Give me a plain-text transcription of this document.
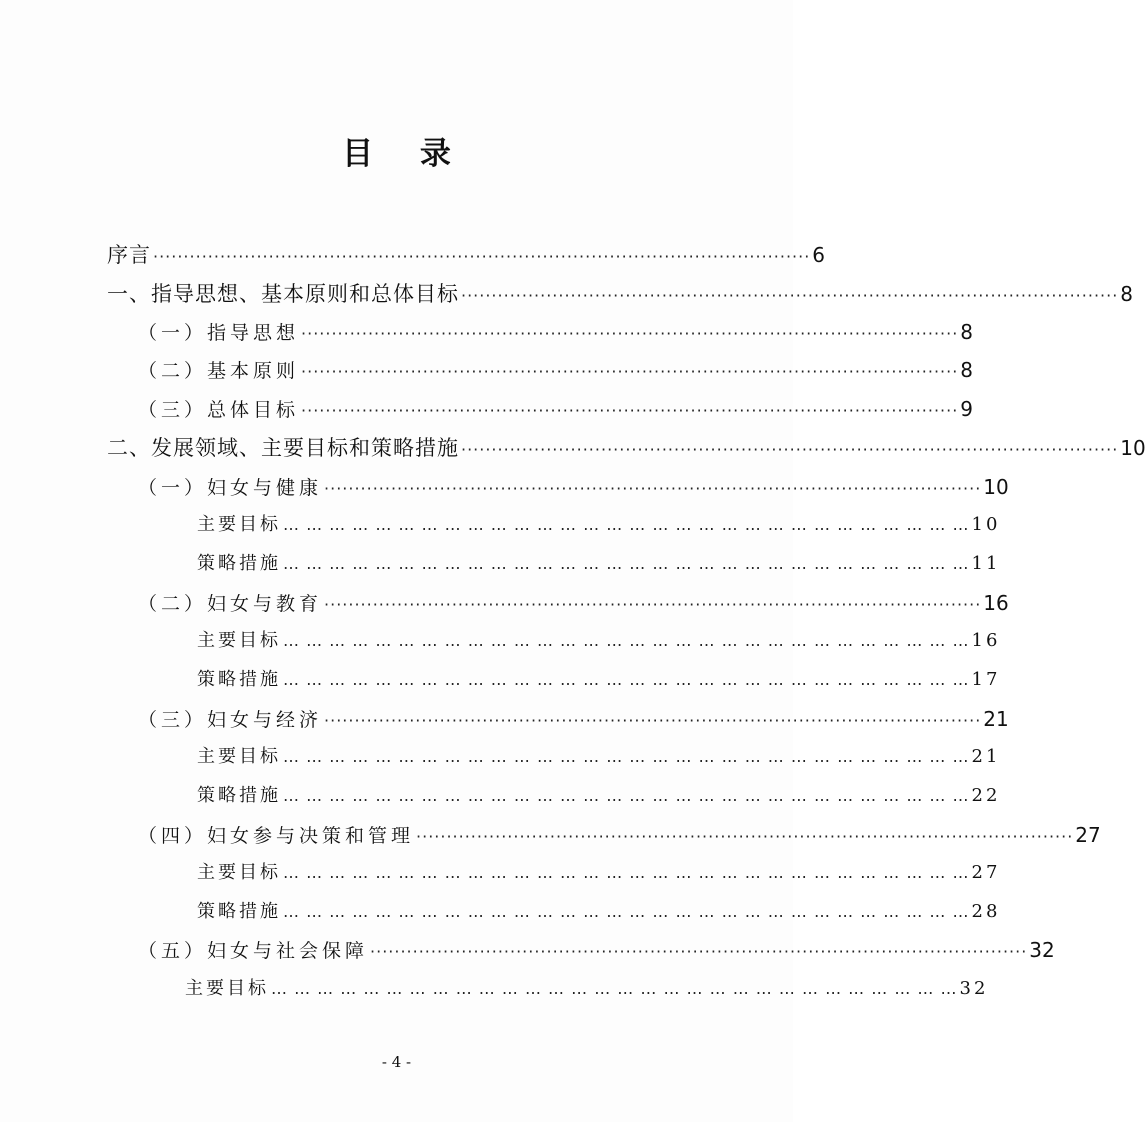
目 录
序言 ············································································································ 6
一、指导思想、基本原则和总体目标 ············································································································ 8
（一）指导思想 ············································································································ 8
（二）基本原则 ············································································································ 8
（三）总体目标 ············································································································ 9
二、发展领域、主要目标和策略措施 ············································································································ 10
（一）妇女与健康 ············································································································ 10
主要目标 … … … … … … … … … … … … … … … … … … … … … … … … … … … … … … 10
策略措施 … … … … … … … … … … … … … … … … … … … … … … … … … … … … … … 11
（二）妇女与教育 ············································································································ 16
主要目标 … … … … … … … … … … … … … … … … … … … … … … … … … … … … … … 16
策略措施 … … … … … … … … … … … … … … … … … … … … … … … … … … … … … … 17
（三）妇女与经济 ············································································································ 21
主要目标 … … … … … … … … … … … … … … … … … … … … … … … … … … … … … … 21
策略措施 … … … … … … … … … … … … … … … … … … … … … … … … … … … … … … 22
（四）妇女参与决策和管理 ············································································································ 27
主要目标 … … … … … … … … … … … … … … … … … … … … … … … … … … … … … … 27
策略措施 … … … … … … … … … … … … … … … … … … … … … … … … … … … … … … 28
（五）妇女与社会保障 ············································································································ 32
主要目标 … … … … … … … … … … … … … … … … … … … … … … … … … … … … … … 32
- 4 -
